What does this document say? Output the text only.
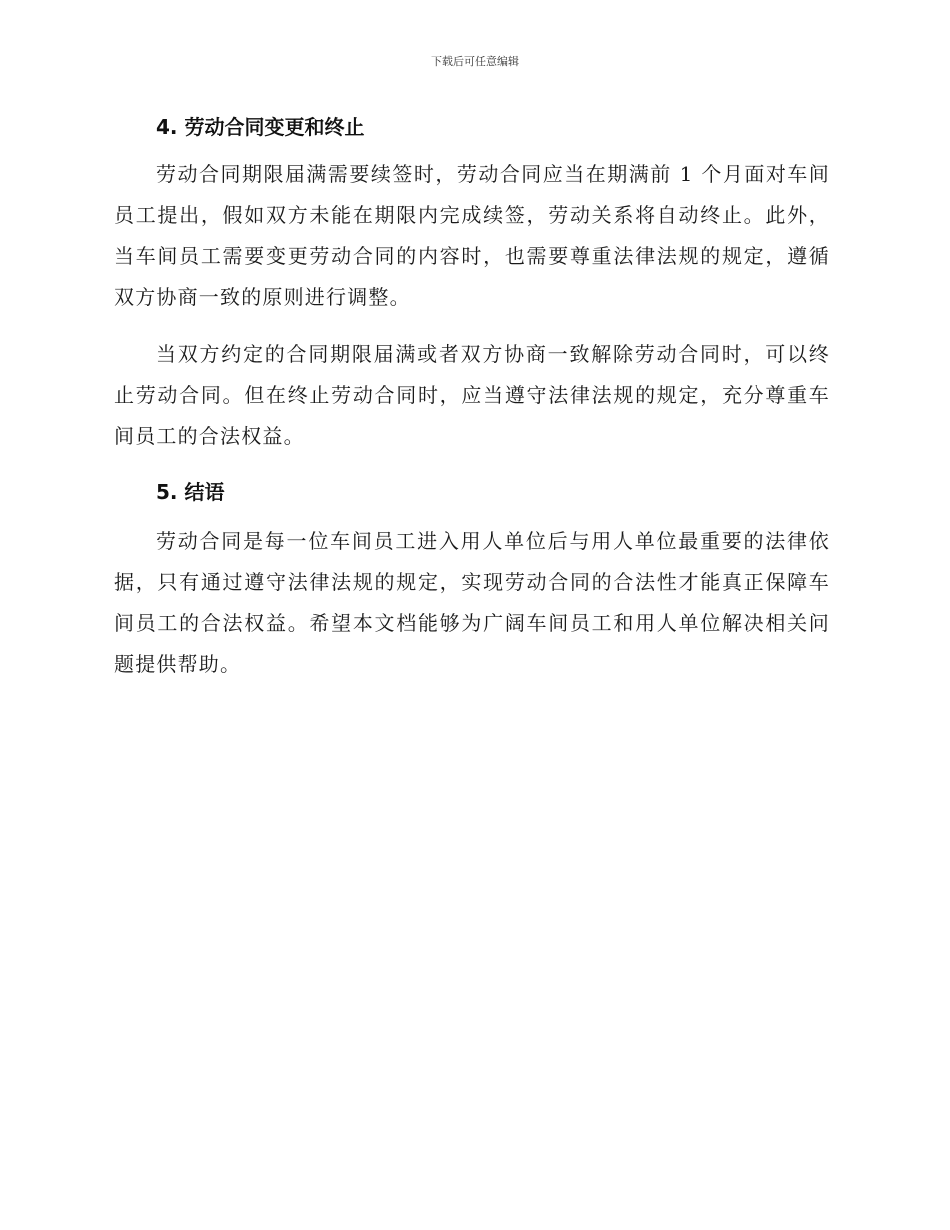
下载后可任意编辑
4. 劳动合同变更和终止

劳动合同期限届满需要续签时，劳动合同应当在期满前 1 个月面对车间员工提出，假如双方未能在期限内完成续签，劳动关系将自动终止。此外，当车间员工需要变更劳动合同的内容时，也需要尊重法律法规的规定，遵循双方协商一致的原则进行调整。

当双方约定的合同期限届满或者双方协商一致解除劳动合同时，可以终止劳动合同。但在终止劳动合同时，应当遵守法律法规的规定，充分尊重车间员工的合法权益。

5. 结语

劳动合同是每一位车间员工进入用人单位后与用人单位最重要的法律依据，只有通过遵守法律法规的规定，实现劳动合同的合法性才能真正保障车间员工的合法权益。希望本文档能够为广阔车间员工和用人单位解决相关问题提供帮助。
